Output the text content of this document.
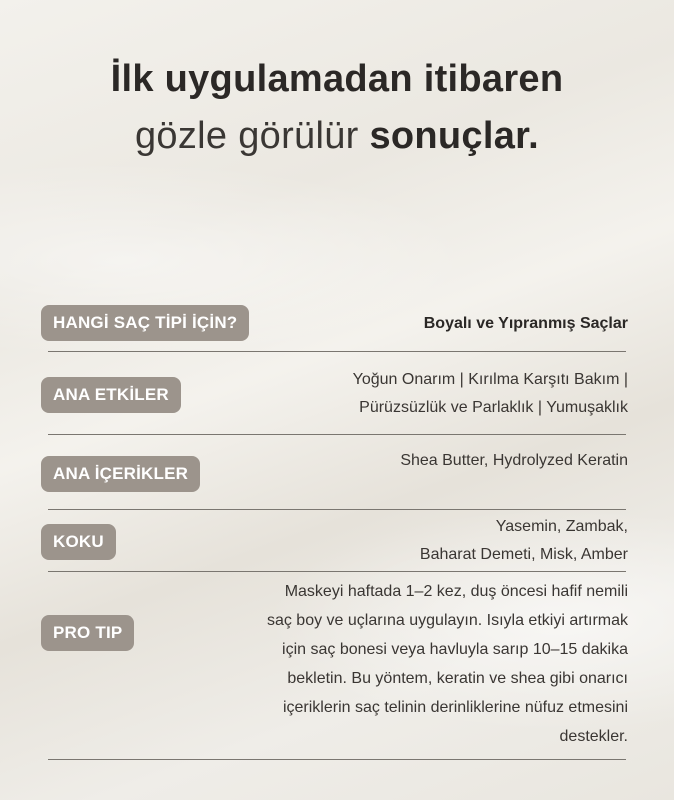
İlk uygulamadan itibaren
gözle görülür sonuçlar.
HANGİ SAÇ TİPİ İÇİN?	Boyalı ve Yıpranmış Saçlar
ANA ETKİLER
Yoğun Onarım | Kırılma Karşıtı Bakım |
Pürüzsüzlük ve Parlaklık | Yumuşaklık
ANA İÇERİKLER
Shea Butter, Hydrolyzed Keratin
KOKU
Yasemin, Zambak,
Baharat Demeti, Misk, Amber
PRO TIP
Maskeyi haftada 1–2 kez, duş öncesi hafif nemili
saç boy ve uçlarına uygulayın. Isıyla etkiyi artırmak
için saç bonesi veya havluyla sarıp 10–15 dakika
bekletin. Bu yöntem, keratin ve shea gibi onarıcı
içeriklerin saç telinin derinliklerine nüfuz etmesini
destekler.
